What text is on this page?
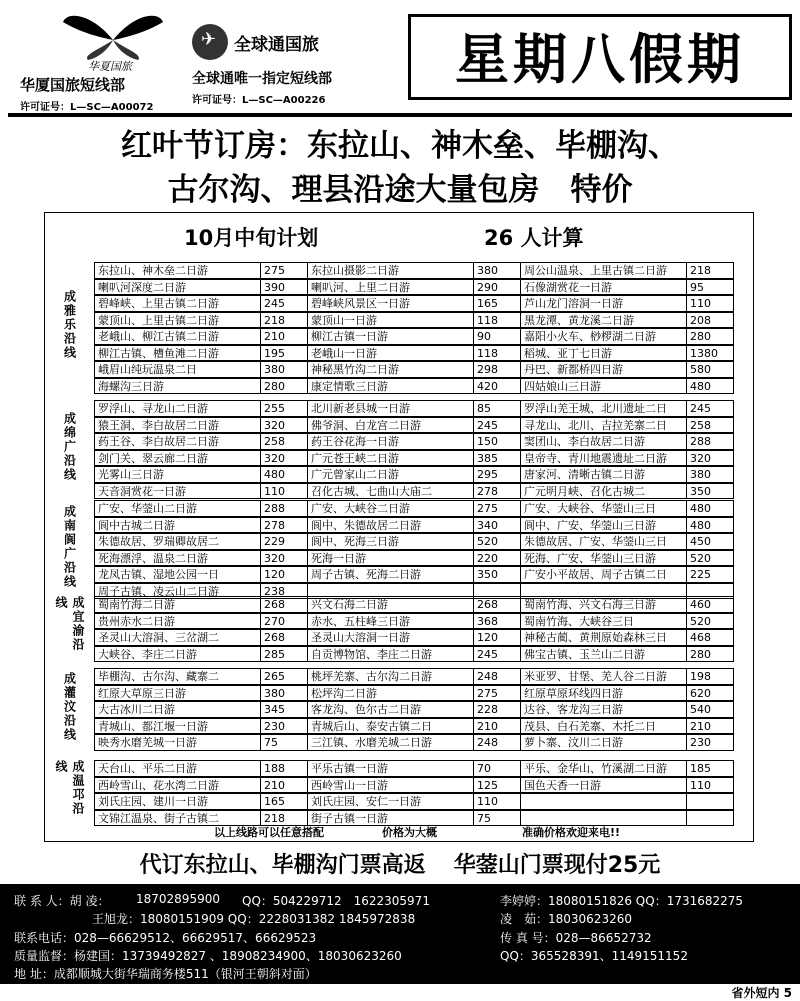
华夏国旅
华厦国旅短线部
许可证号：L—SC—A00072
✈
全球通国旅
全球通唯一指定短线部
许可证号：L—SC—A00226
星期八假期
红叶节订房：东拉山、神木垒、毕棚沟、
古尔沟、理县沿途大量包房　特价
10月中旬计划	26 人计算
成雅乐沿线
东拉山、神木垒二日游	275	东拉山摄影二日游	380	周公山温泉、上里古镇二日游	218
喇叭河深度二日游	390	喇叭河、上里二日游	290	石像湖赏花一日游	95
碧峰峡、上里古镇二日游	245	碧峰峡风景区一日游	165	芦山龙门溶洞一日游	110
蒙顶山、上里古镇二日游	218	蒙顶山一日游	118	黑龙潭、黄龙溪二日游	208
老峨山、柳江古镇二日游	210	柳江古镇一日游	90	嘉阳小火车、桫椤湖二日游	280
柳江古镇、槽鱼滩二日游	195	老峨山一日游	118	稻城、亚丁七日游	1380
峨眉山纯玩温泉二日	380	神秘黑竹沟二日游	298	丹巴、新都桥四日游	580
海螺沟三日游	280	康定情歌三日游	420	四姑娘山三日游	480
成绵广沿线
罗浮山、寻龙山二日游	255	北川新老县城一日游	85	罗浮山羌王城、北川遗址二日	245
猿王洞、李白故居二日游	320	佛爷洞、白龙宫二日游	245	寻龙山、北川、吉拉羌寨二日	258
药王谷、李白故居二日游	258	药王谷花海一日游	150	窦团山、李白故居二日游	288
剑门关、翠云廊二日游	320	广元苍王峡二日游	385	皇帝寺、青川地震遗址二日游	320
光雾山三日游	480	广元曾家山二日游	295	唐家河、清晰古镇二日游	380
天音洞赏花一日游	110	召化古城、七曲山大庙二	278	广元明月峡、召化古城二	350
成南阆广沿线	广安、华蓥山二日游	288	广安、大峡谷二日游	275	广安、大峡谷、华蓥山三日	480
阆中古城二日游	278	阆中、朱德故居二日游	340	阆中、广安、华蓥山三日游	480
朱德故居、罗瑞卿故居二	229	阆中、死海三日游	520	朱德故居、广安、华蓥山三日	450
死海漂浮、温泉二日游	320	死海一日游	220	死海、广安、华蓥山三日游	520
龙凤古镇、湿地公园一日	120	周子古镇、死海二日游	350	广安小平故居、周子古镇二日	225
周子古镇、凌云山二日游	238
成宜渝沿线	蜀南竹海二日游	268	兴文石海二日游	268	蜀南竹海、兴文石海三日游	460
贵州赤水二日游	270	赤水、五柱峰三日游	368	蜀南竹海、大峡谷三日	520
圣灵山大溶洞、三岔湖二	268	圣灵山大溶洞一日游	120	神秘古蔺、黄荆原始森林三日	468
大峡谷、李庄二日游	285	自贡博物馆、李庄二日游	245	佛宝古镇、玉兰山二日游	280
成灌汶沿线	毕棚沟、古尔沟、藏寨二	265	桃坪羌寨、古尔沟二日游	248	米亚罗、甘堡、羌人谷二日游	198
红原大草原三日游	380	松坪沟二日游	275	红原草原环线四日游	620
大古冰川二日游	345	客龙沟、色尔古二日游	228	达谷、客龙沟三日游	540
青城山、都江堰一日游	230	青城后山、泰安古镇二日	210	茂县、白石羌寨、木托二日	210
映秀水磨羌城一日游	75	三江镇、水磨羌城二日游	248	萝卜寨、汶川二日游	230
成温邛沿线	天台山、平乐二日游	188	平乐古镇一日游	70	平乐、金华山、竹溪湖二日游	185
西岭雪山、花水湾二日游	210	西岭雪山一日游	125	国色天香一日游	110
刘氏庄园、建川一日游	165	刘氏庄园、安仁一日游	110
文锦江温泉、街子古镇二	218	街子古镇一日游	75
以上线路可以任意搭配	价格为大概	准确价格欢迎来电!!
代订东拉山、毕棚沟门票高返 华蓥山门票现付25元
联 系 人：胡 凌： 18702895900 QQ：504229712　1622305971	李婷婷：18080151826 QQ：1731682275
王旭龙：18080151909 QQ：2228031382 1845972838	凌　茹：18030623260
联系电话：028—66629512、66629517、66629523	传 真 号：028—86652732
质量监督：杨建国：13739492827 、18908234900、18030623260	QQ：365528391、1149151152
地 址：成都顺城大街华瑞商务楼511（银河王朝斜对面）
省外短内 5
